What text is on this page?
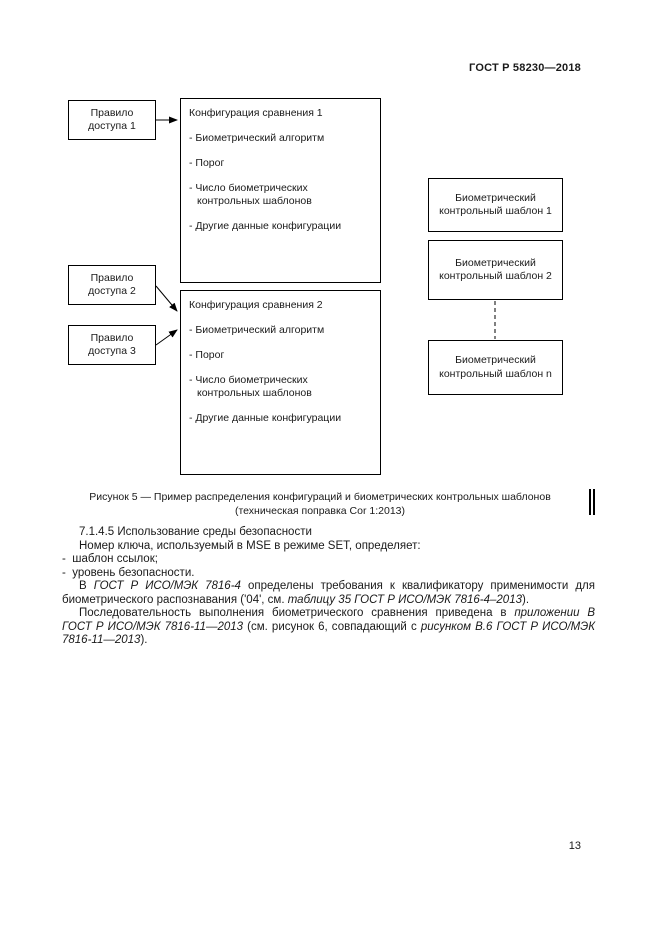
ГОСТ Р 58230—2018
Правило доступа 1
Правило доступа 2
Правило доступа 3
Конфигурация сравнения 1
- Биометрический алгоритм
- Порог
- Число биометрических контрольных шаблонов
- Другие данные конфигурации
Конфигурация сравнения 2
- Биометрический алгоритм
- Порог
- Число биометрических контрольных шаблонов
- Другие данные конфигурации
Биометрический контрольный шаблон 1
Биометрический контрольный шаблон 2
Биометрический контрольный шаблон n
Рисунок 5 — Пример распределения конфигураций и биометрических контрольных шаблонов
(техническая поправка Cor 1:2013)

7.1.4.5 Использование среды безопасности

Номер ключа, используемый в MSE в режиме SET, определяет:

-  шаблон ссылок;

-  уровень безопасности.

В ГОСТ Р ИСО/МЭК 7816-4 определены требования к квалификатору применимости для биометрического распознавания ('04', см. таблицу 35 ГОСТ Р ИСО/МЭК 7816-4–2013).

Последовательность выполнения биометрического сравнения приведена в приложении В ГОСТ Р ИСО/МЭК 7816-11—2013 (см. рисунок 6, совпадающий с рисунком В.6 ГОСТ Р ИСО/МЭК 7816-11—2013).

13
